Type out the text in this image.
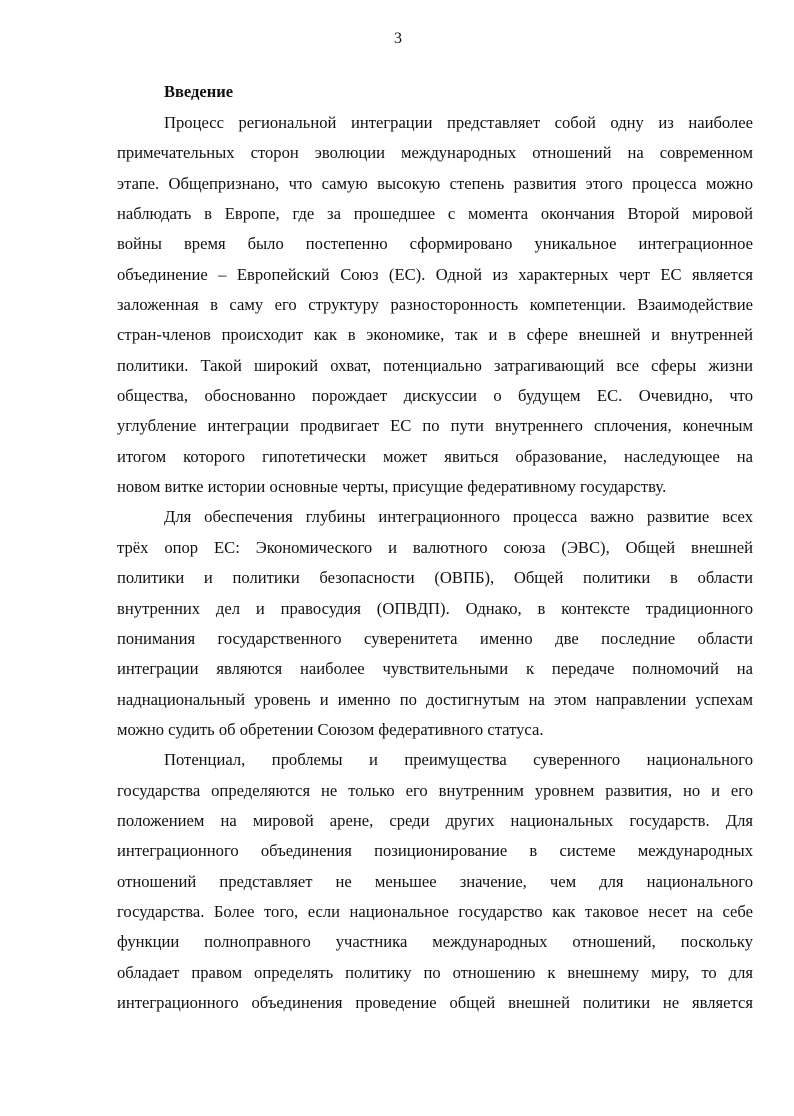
3
Введение
Процесс региональной интеграции представляет собой одну из наиболее
примечательных сторон эволюции международных отношений на современном
этапе. Общепризнано, что самую высокую степень развития этого процесса можно
наблюдать в Европе, где за прошедшее с момента окончания Второй мировой
войны время было постепенно сформировано уникальное интеграционное
объединение – Европейский Союз (ЕС). Одной из характерных черт ЕС является
заложенная в саму его структуру разносторонность компетенции. Взаимодействие
стран-членов происходит как в экономике, так и в сфере внешней и внутренней
политики. Такой широкий охват, потенциально затрагивающий все сферы жизни
общества, обоснованно порождает дискуссии о будущем ЕС. Очевидно, что
углубление интеграции продвигает ЕС по пути внутреннего сплочения, конечным
итогом которого гипотетически может явиться образование, наследующее на
новом витке истории основные черты, присущие федеративному государству.
Для обеспечения глубины интеграционного процесса важно развитие всех
трёх опор ЕС: Экономического и валютного союза (ЭВС), Общей внешней
политики и политики безопасности (ОВПБ), Общей политики в области
внутренних дел и правосудия (ОПВДП). Однако, в контексте традиционного
понимания государственного суверенитета именно две последние области
интеграции являются наиболее чувствительными к передаче полномочий на
наднациональный уровень и именно по достигнутым на этом направлении успехам
можно судить об обретении Союзом федеративного статуса.
Потенциал, проблемы и преимущества суверенного национального
государства определяются не только его внутренним уровнем развития, но и его
положением на мировой арене, среди других национальных государств. Для
интеграционного объединения позиционирование в системе международных
отношений представляет не меньшее значение, чем для национального
государства. Более того, если национальное государство как таковое несет на себе
функции полноправного участника международных отношений, поскольку
обладает правом определять политику по отношению к внешнему миру, то для
интеграционного объединения проведение общей внешней политики не является
